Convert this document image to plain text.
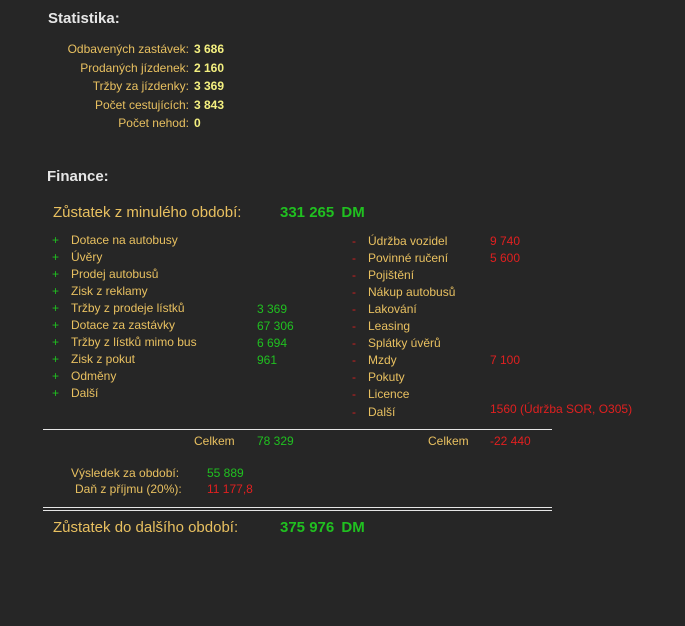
Statistika:
Odbavených zastávek: 3 686
Prodaných jízdenek: 2 160
Tržby za jízdenky: 3 369
Počet cestujících: 3 843
Počet nehod: 0
Finance:
Zůstatek z minulého období:	331 265 DM
+ Dotace na autobusy
+ Úvěry
+ Prodej autobusů
+ Zisk z reklamy
+ Tržby z prodeje lístků	3 369
+ Dotace za zastávky	67 306
+ Tržby z lístků mimo bus	6 694
+ Zisk z pokut	961
+ Odměny
+ Další
- Údržba vozidel	9 740
- Povinné ručení	5 600
- Pojištění
- Nákup autobusů
- Lakování
- Leasing
- Splátky úvěrů
- Mzdy	7 100
- Pokuty
- Licence
- Další	1560 (Údržba SOR, O305)
Celkem 78 329	Celkem -22 440
Výsledek za období: 55 889
Daň z příjmu (20%): 11 177,8
Zůstatek do dalšího období:	375 976 DM
